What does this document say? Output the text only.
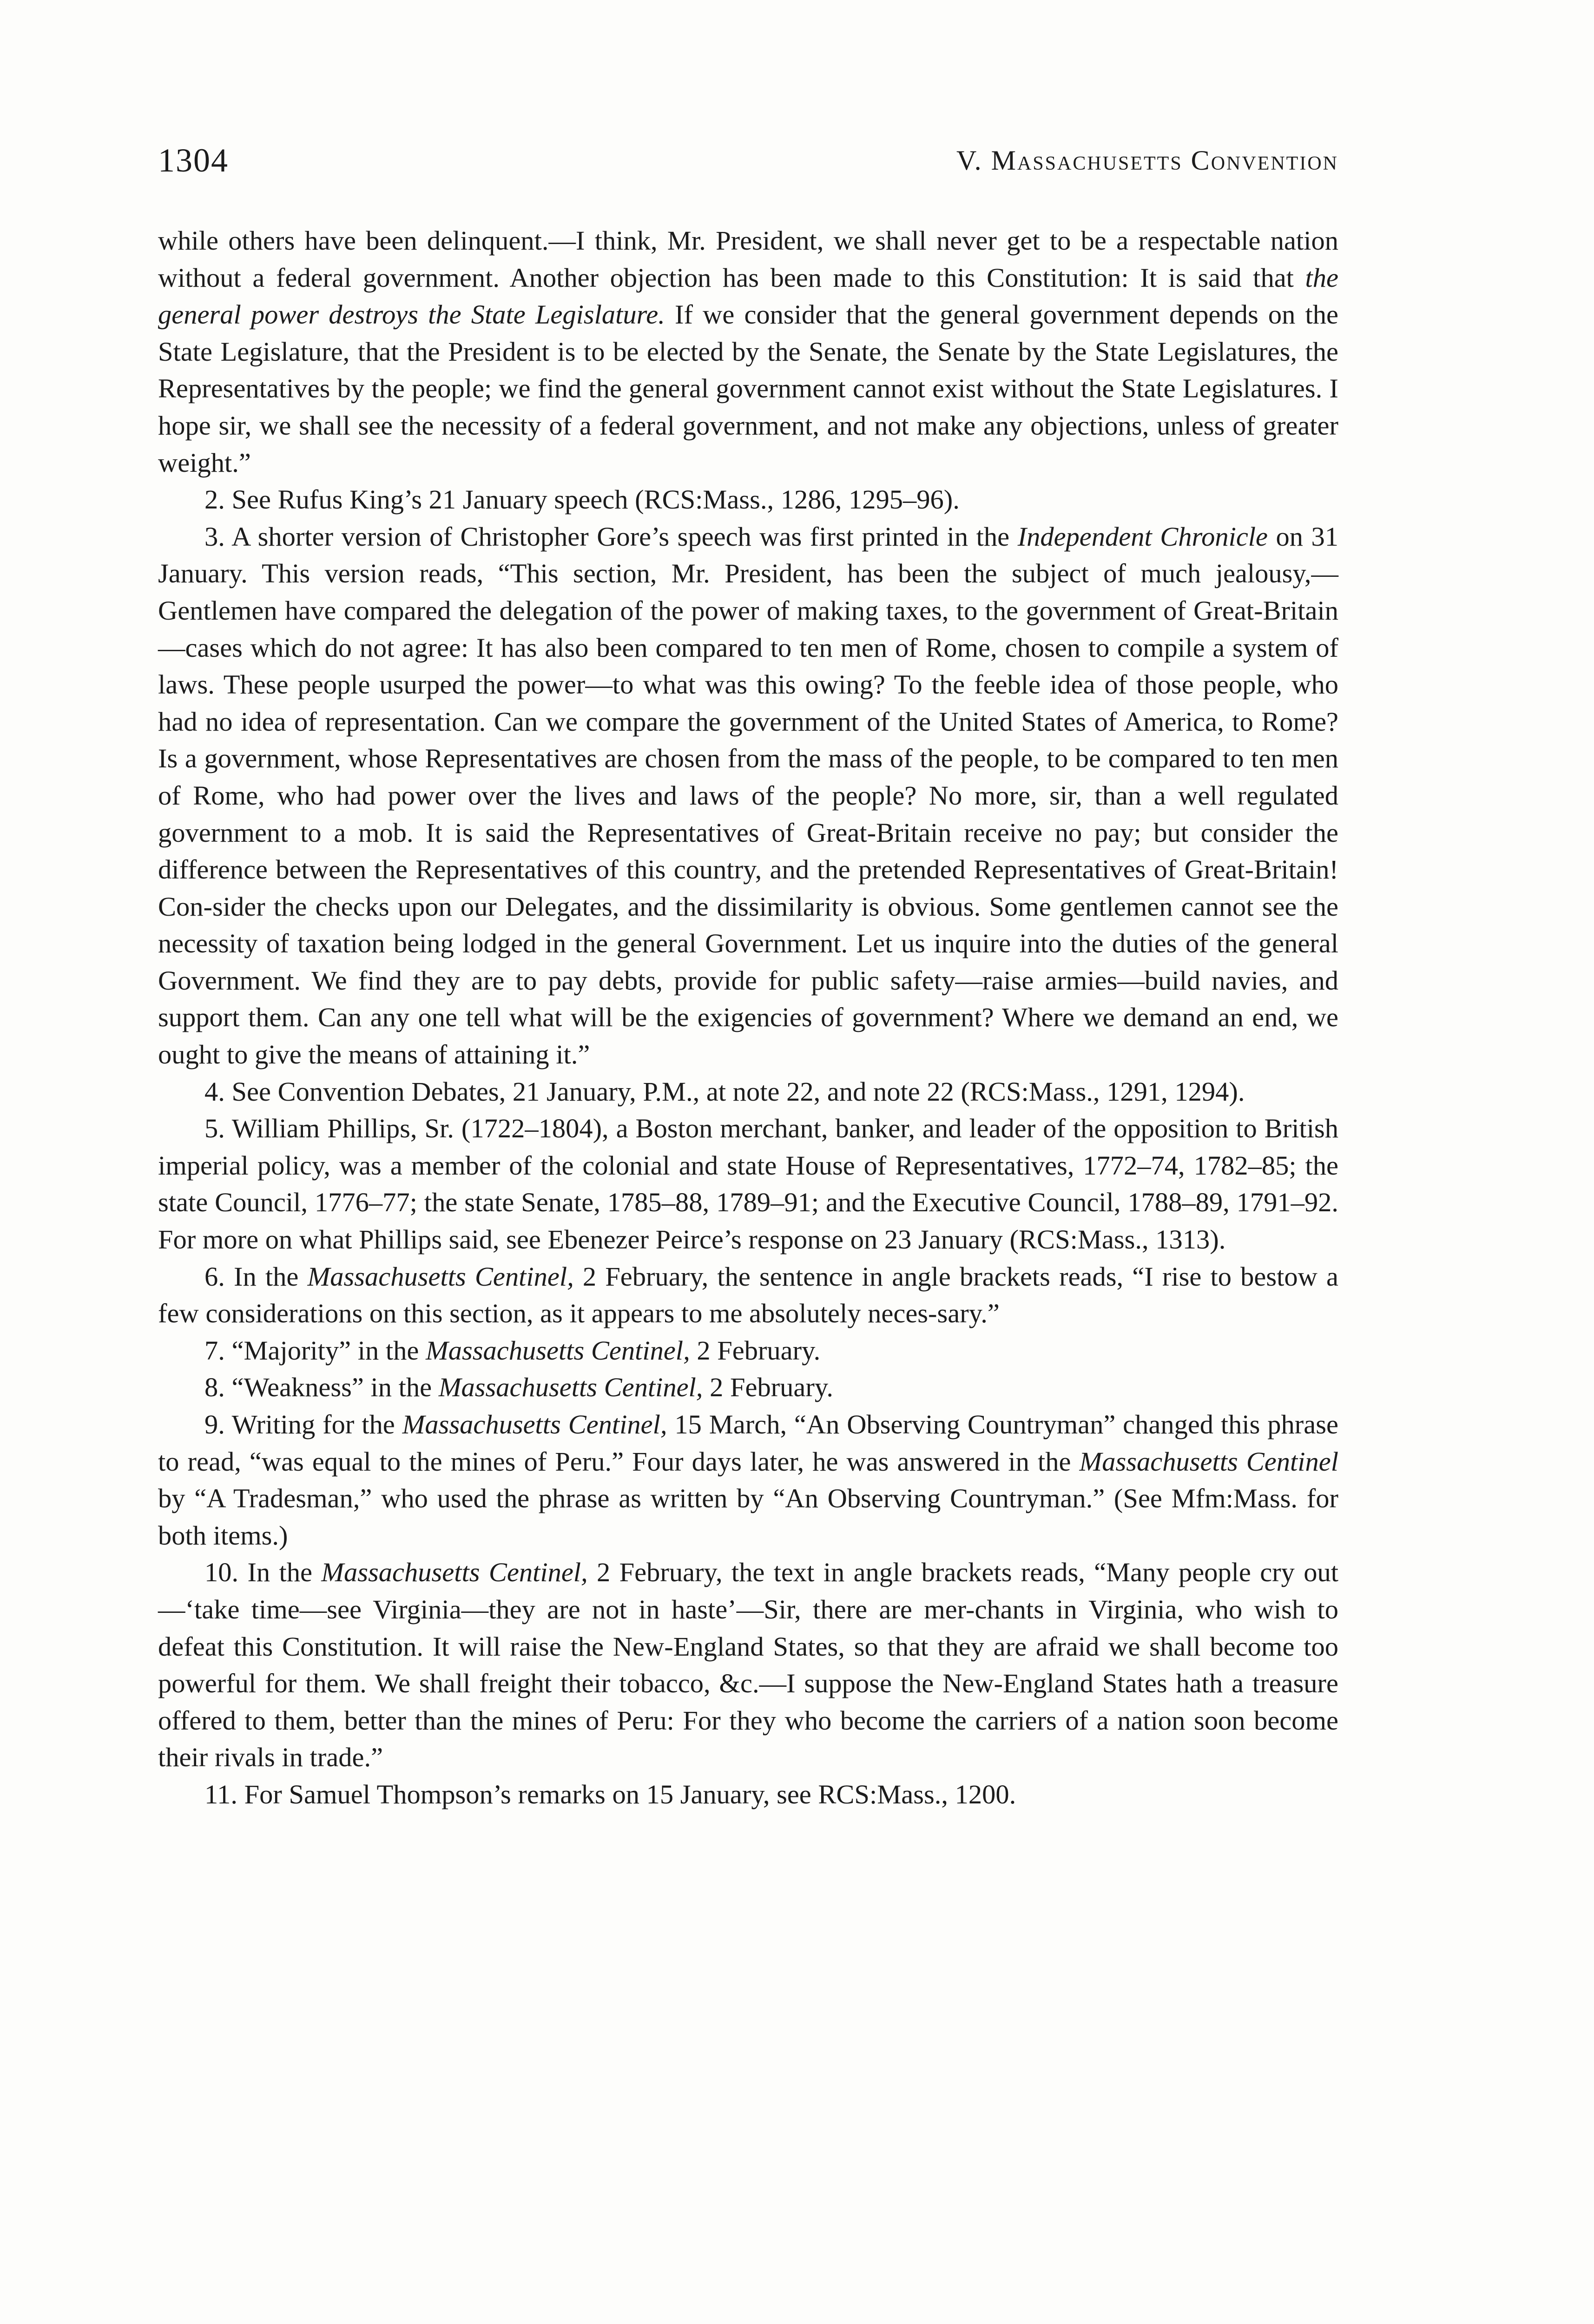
1304	V. Massachusetts Convention

while others have been delinquent.—I think, Mr. President, we shall never get to be a respectable nation without a federal government. Another objection has been made to this Constitution: It is said that the general power destroys the State Legislature. If we consider that the general government depends on the State Legislature, that the President is to be elected by the Senate, the Senate by the State Legislatures, the Representatives by the people; we find the general government cannot exist without the State Legislatures. I hope sir, we shall see the necessity of a federal government, and not make any objections, unless of greater weight.”

2. See Rufus King’s 21 January speech (RCS:Mass., 1286, 1295–96).

3. A shorter version of Christopher Gore’s speech was first printed in the Independent Chronicle on 31 January. This version reads, “This section, Mr. President, has been the subject of much jealousy,—Gentlemen have compared the delegation of the power of making taxes, to the government of Great-Britain—cases which do not agree: It has also been compared to ten men of Rome, chosen to compile a system of laws. These people usurped the power—to what was this owing? To the feeble idea of those people, who had no idea of representation. Can we compare the government of the United States of America, to Rome? Is a government, whose Representatives are chosen from the mass of the people, to be compared to ten men of Rome, who had power over the lives and laws of the people? No more, sir, than a well regulated government to a mob. It is said the Representatives of Great-Britain receive no pay; but consider the difference between the Representatives of this country, and the pretended Representatives of Great-Britain! Con-sider the checks upon our Delegates, and the dissimilarity is obvious. Some gentlemen cannot see the necessity of taxation being lodged in the general Government. Let us inquire into the duties of the general Government. We find they are to pay debts, provide for public safety—raise armies—build navies, and support them. Can any one tell what will be the exigencies of government? Where we demand an end, we ought to give the means of attaining it.”

4. See Convention Debates, 21 January, P.M., at note 22, and note 22 (RCS:Mass., 1291, 1294).

5. William Phillips, Sr. (1722–1804), a Boston merchant, banker, and leader of the opposition to British imperial policy, was a member of the colonial and state House of Representatives, 1772–74, 1782–85; the state Council, 1776–77; the state Senate, 1785–88, 1789–91; and the Executive Council, 1788–89, 1791–92. For more on what Phillips said, see Ebenezer Peirce’s response on 23 January (RCS:Mass., 1313).

6. In the Massachusetts Centinel, 2 February, the sentence in angle brackets reads, “I rise to bestow a few considerations on this section, as it appears to me absolutely neces-sary.”

7. “Majority” in the Massachusetts Centinel, 2 February.

8. “Weakness” in the Massachusetts Centinel, 2 February.

9. Writing for the Massachusetts Centinel, 15 March, “An Observing Countryman” changed this phrase to read, “was equal to the mines of Peru.” Four days later, he was answered in the Massachusetts Centinel by “A Tradesman,” who used the phrase as written by “An Observing Countryman.” (See Mfm:Mass. for both items.)

10. In the Massachusetts Centinel, 2 February, the text in angle brackets reads, “Many people cry out—‘take time—see Virginia—they are not in haste’—Sir, there are mer-chants in Virginia, who wish to defeat this Constitution. It will raise the New-England States, so that they are afraid we shall become too powerful for them. We shall freight their tobacco, &c.—I suppose the New-England States hath a treasure offered to them, better than the mines of Peru: For they who become the carriers of a nation soon become their rivals in trade.”

11. For Samuel Thompson’s remarks on 15 January, see RCS:Mass., 1200.
